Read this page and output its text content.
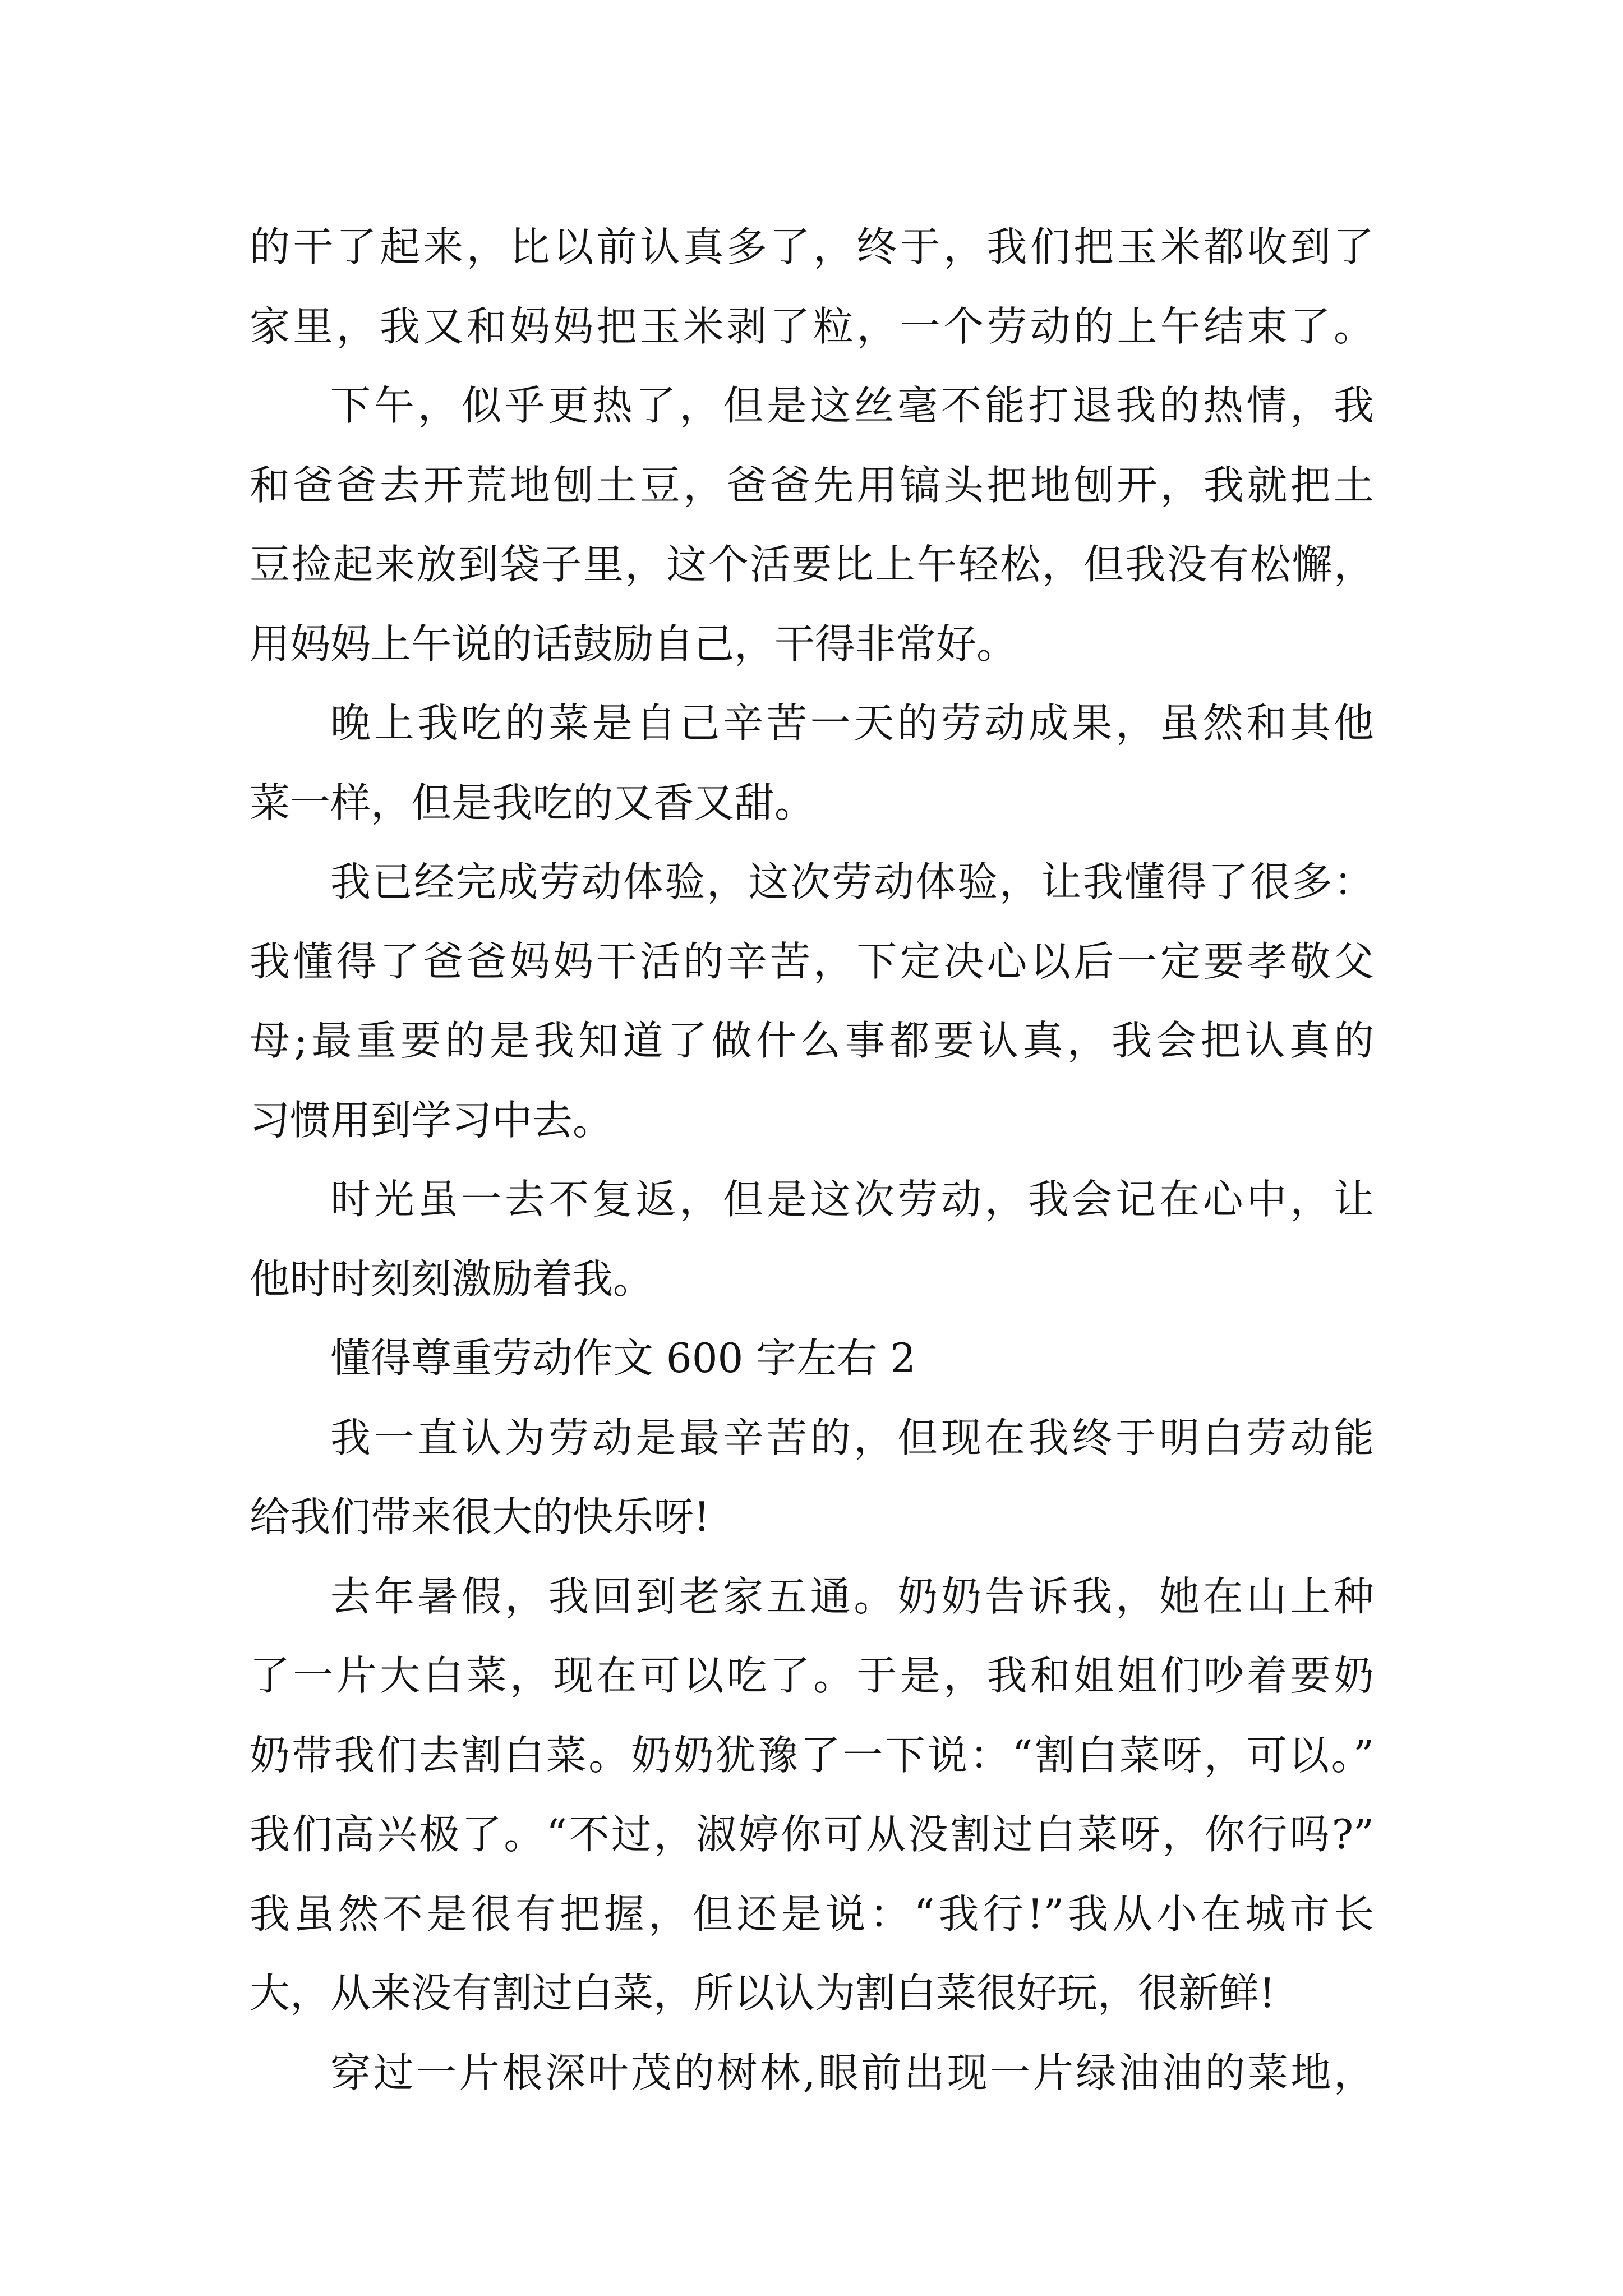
的干了起来，比以前认真多了，终于，我们把玉米都收到了
家里，我又和妈妈把玉米剥了粒，一个劳动的上午结束了。
下午，似乎更热了，但是这丝毫不能打退我的热情，我
和爸爸去开荒地刨土豆，爸爸先用镐头把地刨开，我就把土
豆捡起来放到袋子里，这个活要比上午轻松，但我没有松懈，
用妈妈上午说的话鼓励自己，干得非常好。
晚上我吃的菜是自己辛苦一天的劳动成果，虽然和其他
菜一样，但是我吃的又香又甜。
我已经完成劳动体验，这次劳动体验，让我懂得了很多：
我懂得了爸爸妈妈干活的辛苦，下定决心以后一定要孝敬父
母;最重要的是我知道了做什么事都要认真，我会把认真的
习惯用到学习中去。
时光虽一去不复返，但是这次劳动，我会记在心中，让
他时时刻刻激励着我。
懂得尊重劳动作文 600 字左右 2
我一直认为劳动是最辛苦的，但现在我终于明白劳动能
给我们带来很大的快乐呀!
去年暑假，我回到老家五通。奶奶告诉我，她在山上种
了一片大白菜，现在可以吃了。于是，我和姐姐们吵着要奶
奶带我们去割白菜。奶奶犹豫了一下说：“割白菜呀，可以。”
我们高兴极了。“不过，淑婷你可从没割过白菜呀，你行吗?”
我虽然不是很有把握，但还是说：“我行!”我从小在城市长
大，从来没有割过白菜，所以认为割白菜很好玩，很新鲜!
穿过一片根深叶茂的树林,眼前出现一片绿油油的菜地，
